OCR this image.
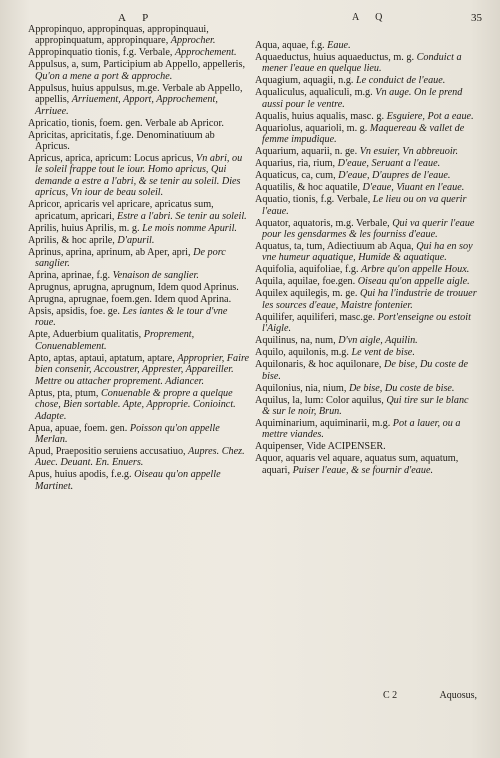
A P	A Q	35
Appropinquo, appropinquas, appropinquaui, appropinquatum, appropinquare, Approcher.
Appropinquatio tionis, f.g. Verbale, Approchement.
Appulsus, a, sum, Participium ab Appello, appelleris, Qu'on a mene a port & approche.
Appulsus, huius appulsus, m.ge. Verbale ab Appello, appellis, Arriuement, Apport, Approchement, Arriuee.
Apricatio, tionis, foem. gen. Verbale ab Apricor.
Apricitas, apricitatis, f.ge. Denominatiuum ab Apricus.
Apricus, aprica, apricum: Locus apricus, Vn abri, ou le soleil frappe tout le iour. Homo apricus, Qui demande a estre a l'abri, & se tenir au soleil. Dies apricus, Vn iour de beau soleil.
Apricor, apricaris vel apricare, apricatus sum, apricatum, apricari, Estre a l'abri. Se tenir au soleil.
Aprilis, huius Aprilis, m. g. Le mois nomme Apuril.
Aprilis, & hoc aprile, D'apuril.
Aprinus, aprina, aprinum, ab Aper, apri, De porc sanglier.
Aprina, aprinae, f.g. Venaison de sanglier.
Aprugnus, aprugna, aprugnum, Idem quod Aprinus.
Aprugna, aprugnae, foem.gen. Idem quod Aprina.
Apsis, apsidis, foe. ge. Les iantes & le tour d'vne roue.
Apte, Aduerbium qualitatis, Proprement, Conuenablement.
Apto, aptas, aptaui, aptatum, aptare, Approprier, Faire bien consenir, Accoustrer, Apprester, Appareiller. Mettre ou attacher proprement. Adiancer.
Aptus, pta, ptum, Conuenable & propre a quelque chose, Bien sortable. Apte, Approprie. Conioinct. Adapte.
Apua, apuae, foem. gen. Poisson qu'on appelle Merlan.
Apud, Praepositio seruiens accusatiuo, Aupres. Chez. Auec. Deuant. En. Enuers.
Apus, huius apodis, f.e.g. Oiseau qu'on appelle Martinet.
Aqua, aquae, f.g. Eaue.
Aquaeductus, huius aquaeductus, m. g. Conduict a mener l'eaue en quelque lieu.
Aquagium, aquagii, n.g. Le conduict de l'eaue.
Aqualiculus, aqualiculi, m.g. Vn auge. On le prend aussi pour le ventre.
Aqualis, huius aqualis, masc. g. Esguiere, Pot a eaue.
Aquariolus, aquarioli, m. g. Maquereau & vallet de femme impudique.
Aquarium, aquarii, n. ge. Vn esuier, Vn abbreuoir.
Aquarius, ria, rium, D'eaue, Seruant a l'eaue.
Aquaticus, ca, cum, D'eaue, D'aupres de l'eaue.
Aquatilis, & hoc aquatile, D'eaue, Viuant en l'eaue.
Aquatio, tionis, f.g. Verbale, Le lieu ou on va querir l'eaue.
Aquator, aquatoris, m.g. Verbale, Qui va querir l'eaue pour les gensdarmes & les fourniss d'eaue.
Aquatus, ta, tum, Adiectiuum ab Aqua, Qui ha en soy vne humeur aquatique, Humide & aquatique.
Aquifolia, aquifoliae, f.g. Arbre qu'on appelle Houx.
Aquila, aquilae, foe.gen. Oiseau qu'on appelle aigle.
Aquilex aquilegis, m. ge. Qui ha l'industrie de trouuer les sources d'eaue, Maistre fontenier.
Aquilifer, aquiliferi, masc.ge. Port'enseigne ou estoit l'Aigle.
Aquilinus, na, num, D'vn aigle, Aquilin.
Aquilo, aquilonis, m.g. Le vent de bise.
Aquilonaris, & hoc aquilonare, De bise, Du coste de bise.
Aquilonius, nia, nium, De bise, Du coste de bise.
Aquilus, la, lum: Color aquilus, Qui tire sur le blanc & sur le noir, Brun.
Aquiminarium, aquiminarii, m.g. Pot a lauer, ou a mettre viandes.
Aquipenser, Vide ACIPENSER.
Aquor, aquaris vel aquare, aquatus sum, aquatum, aquari, Puiser l'eaue, & se fournir d'eaue.
C 2	Aquosus,
